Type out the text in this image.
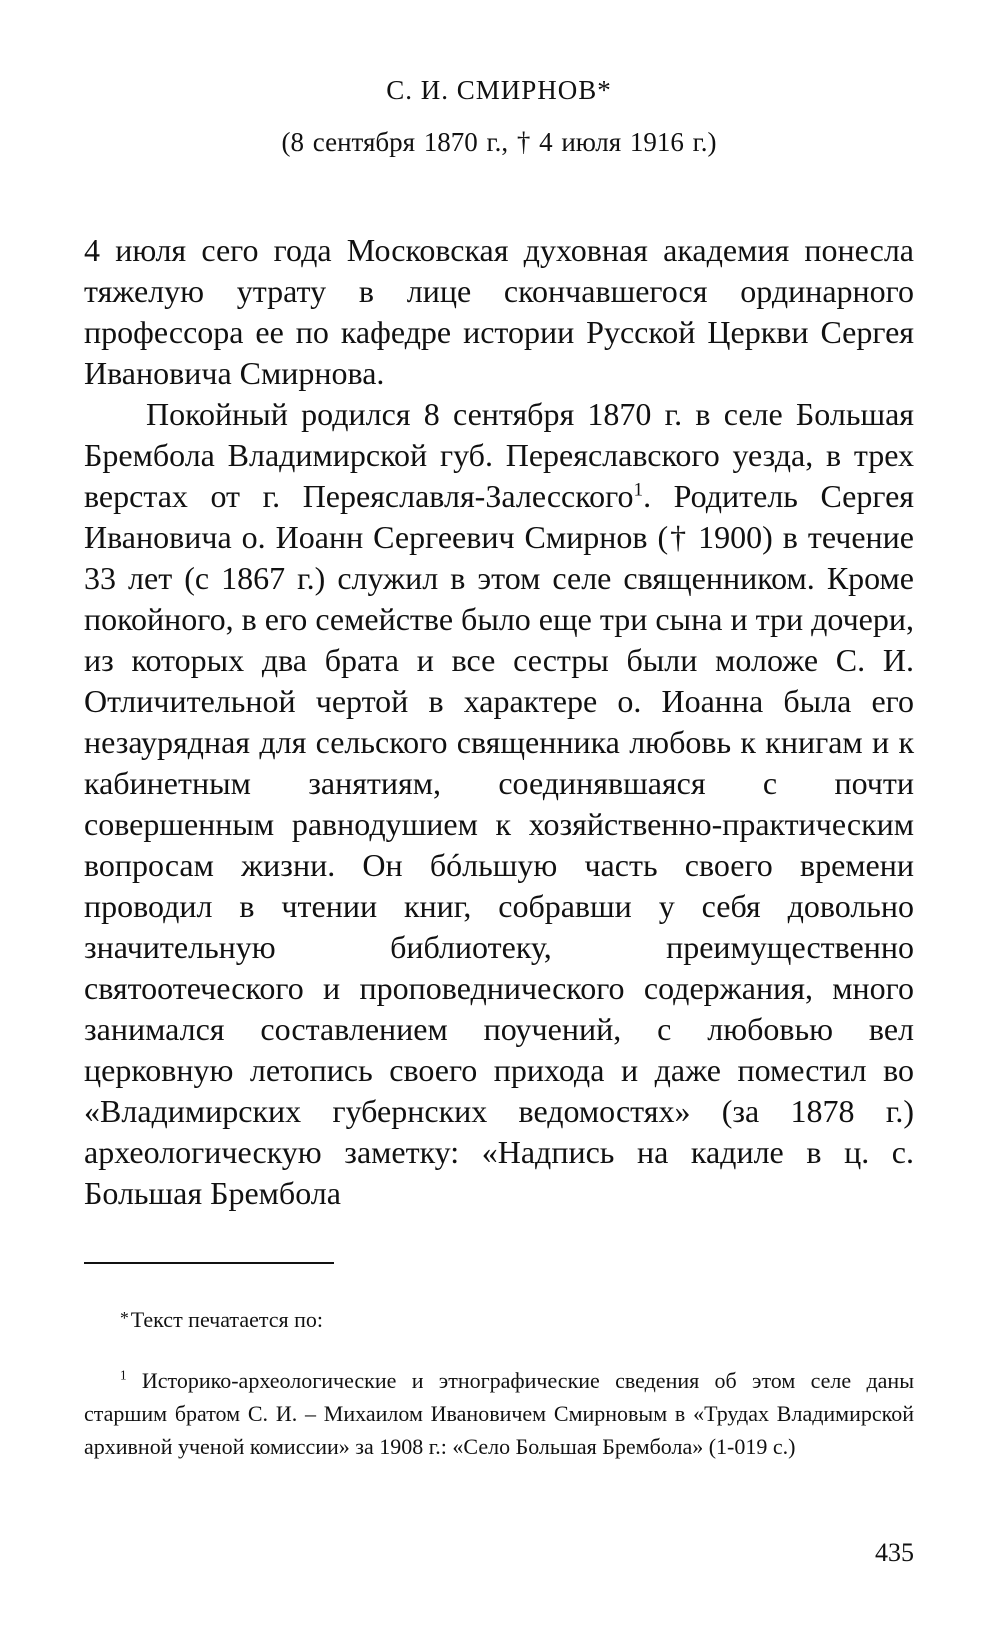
С. И. СМИРНОВ*
(8 сентября 1870 г., † 4 июля 1916 г.)

4 июля сего года Московская духовная академия понесла тяжелую утрату в лице скончавшегося ординарного профессора ее по кафедре истории Русской Церкви Сергея Ивановича Смирнова.

Покойный родился 8 сентября 1870 г. в селе Большая Брембола Владимирской губ. Переяславского уезда, в трех верстах от г. Переяславля-Залесского$^1$. Родитель Сергея Ивановича о. Иоанн Сергеевич Смирнов († 1900) в течение 33 лет (с 1867 г.) служил в этом селе священником. Кроме покойного, в его семействе было еще три сына и три дочери, из которых два брата и все сестры были моложе С. И. Отличительной чертой в характере о. Иоанна была его незаурядная для сельского священника любовь к книгам и к кабинетным занятиям, соединявшаяся с почти совершенным равнодушием к хозяйственно-практическим вопросам жизни. Он бóльшую часть своего времени проводил в чтении книг, собравши у себя довольно значительную библиотеку, преимущественно святоотеческого и проповеднического содержания, много занимался составлением поучений, с любовью вел церковную летопись своего прихода и даже поместил во «Владимирских губернских ведомостях» (за 1878 г.) археологическую заметку: «Надпись на кадиле в ц. с. Большая Брембола

*Текст печатается по:

$^1$ Историко-археологические и этнографические сведения об этом селе даны старшим братом С. И. – Михаилом Ивановичем Смирновым в «Трудах Владимирской архивной ученой комиссии» за 1908 г.: «Село Большая Брембола» (1-019 с.)

435
